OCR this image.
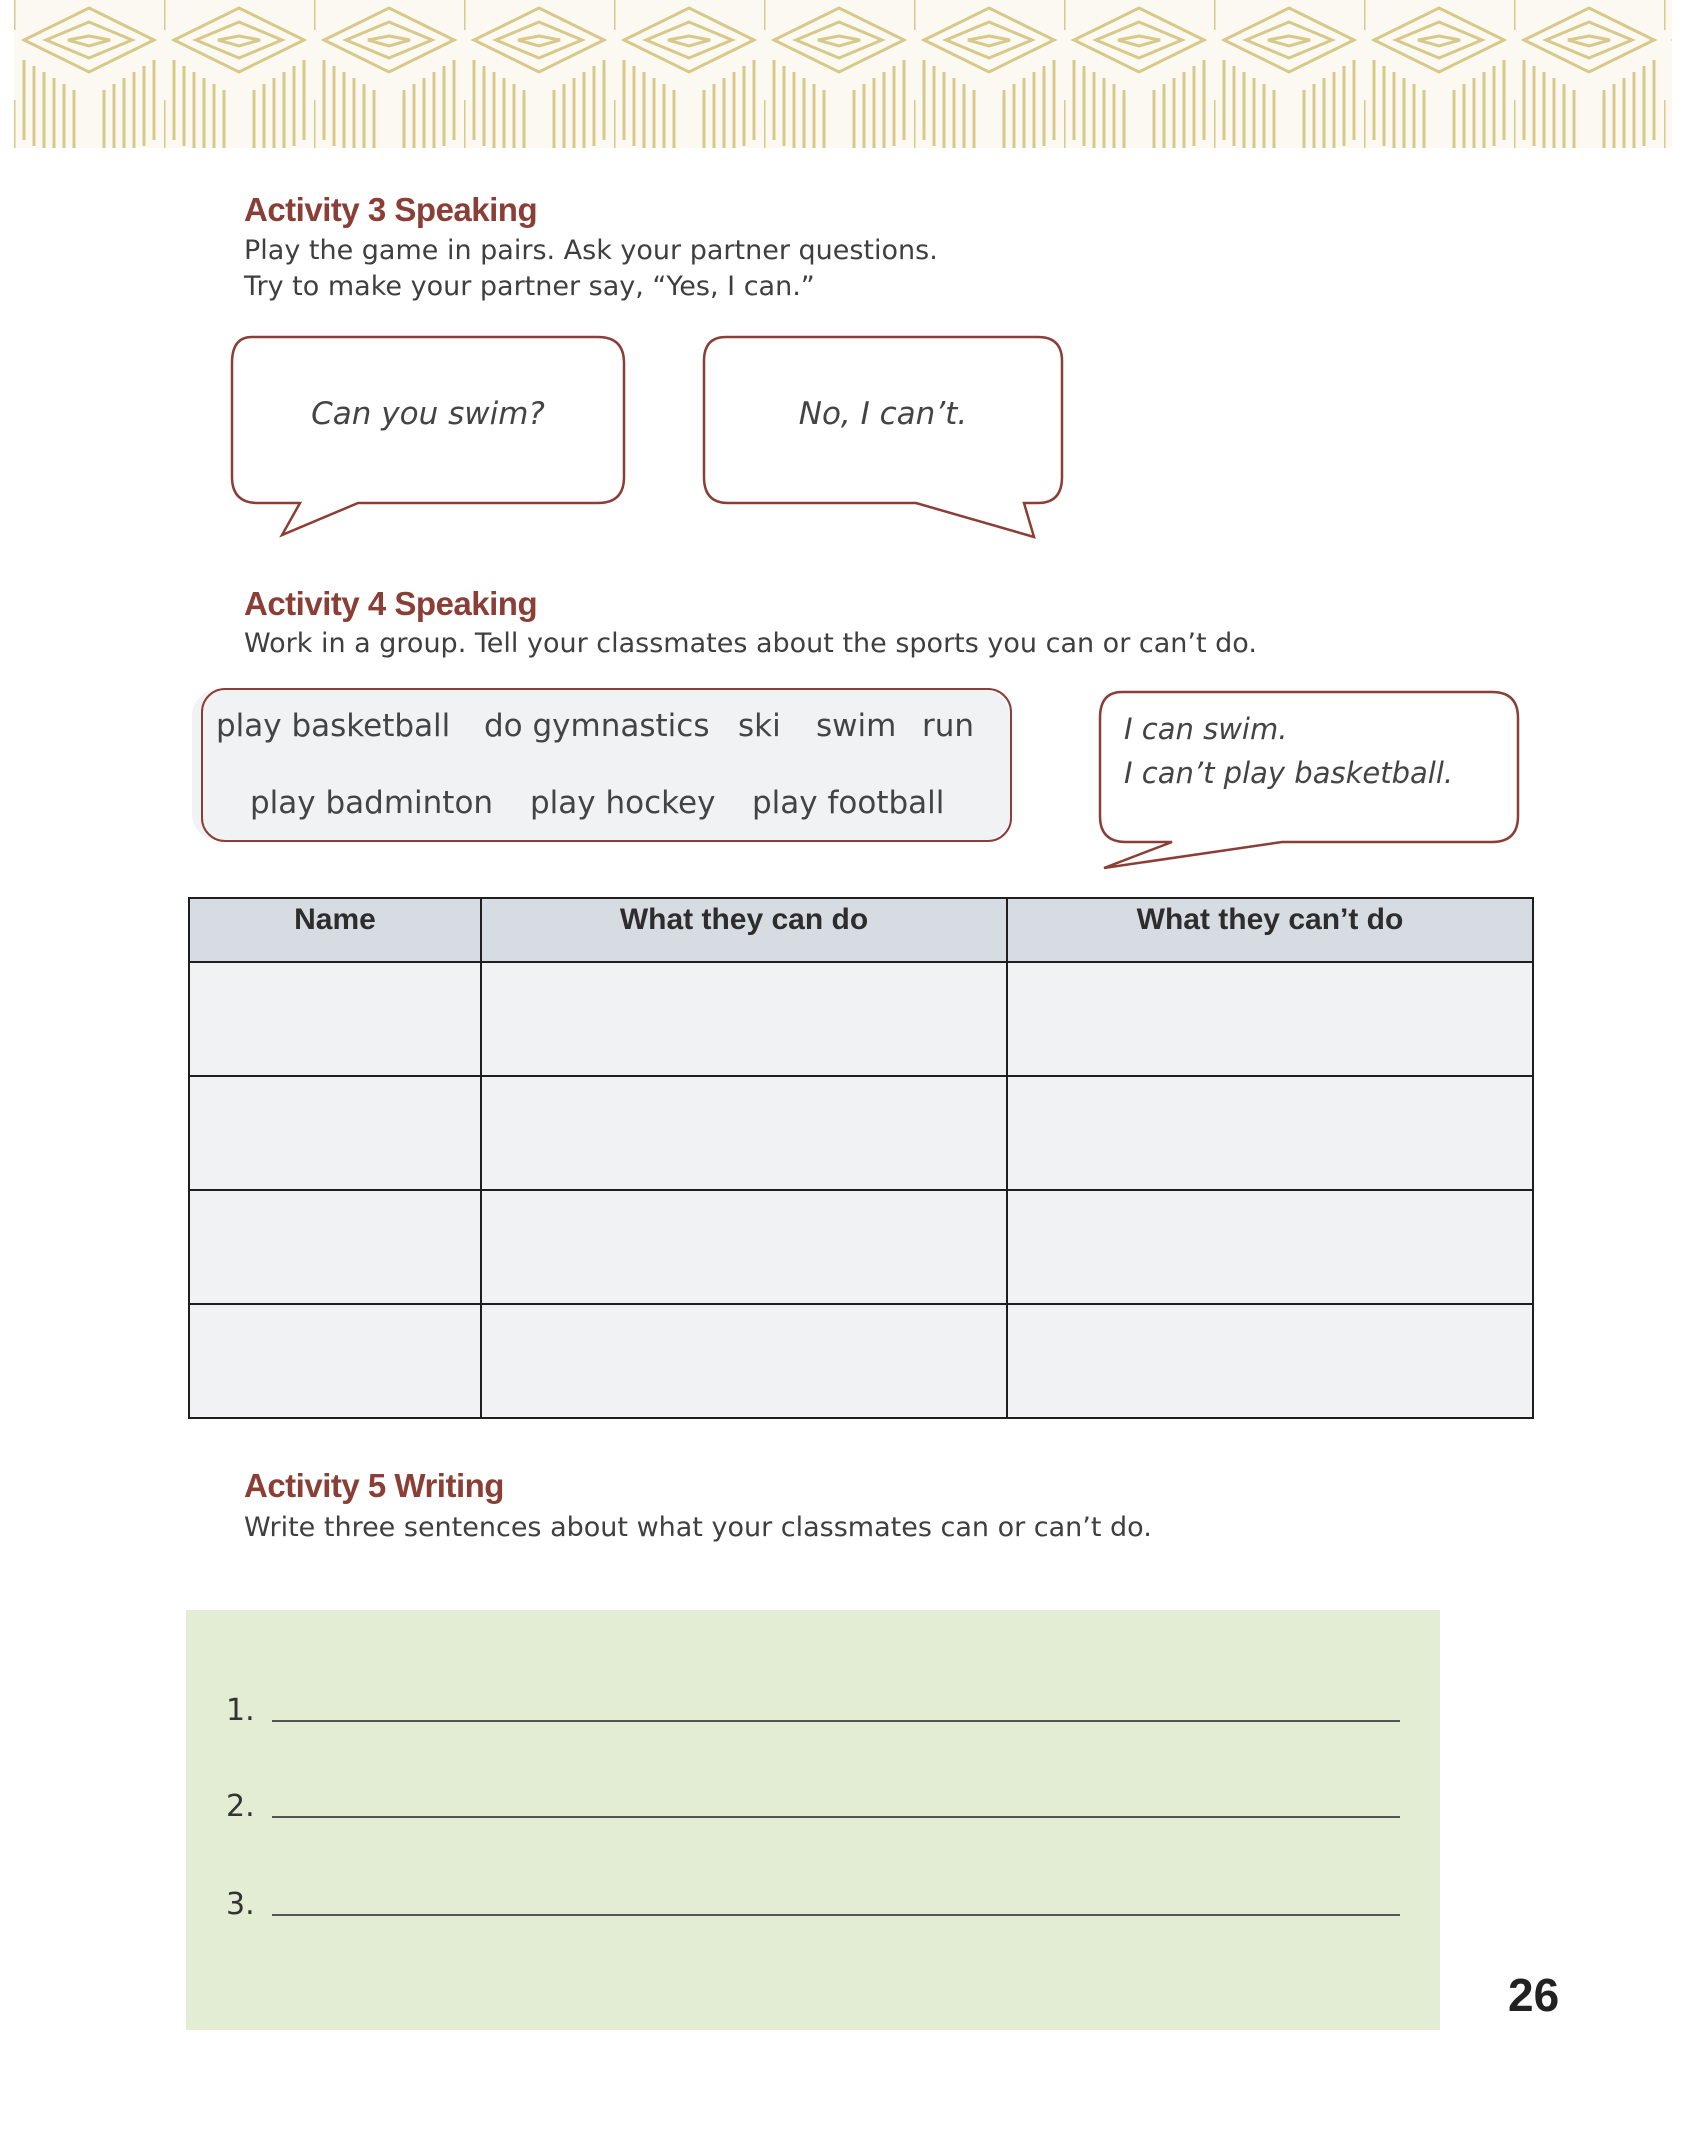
Activity 3 Speaking
Play the game in pairs. Ask your partner questions.
Try to make your partner say, “Yes, I can.”
Can you swim?	No, I can’t.
Activity 4 Speaking
Work in a group. Tell your classmates about the sports you can or can’t do.
play basketball do gymnastics ski swim run
play badminton play hockey play football
I can swim.
I can’t play basketball.
Name	What they can do	What they can’t do

Activity 5 Writing
Write three sentences about what your classmates can or can’t do.
1.
2.
3.
26
